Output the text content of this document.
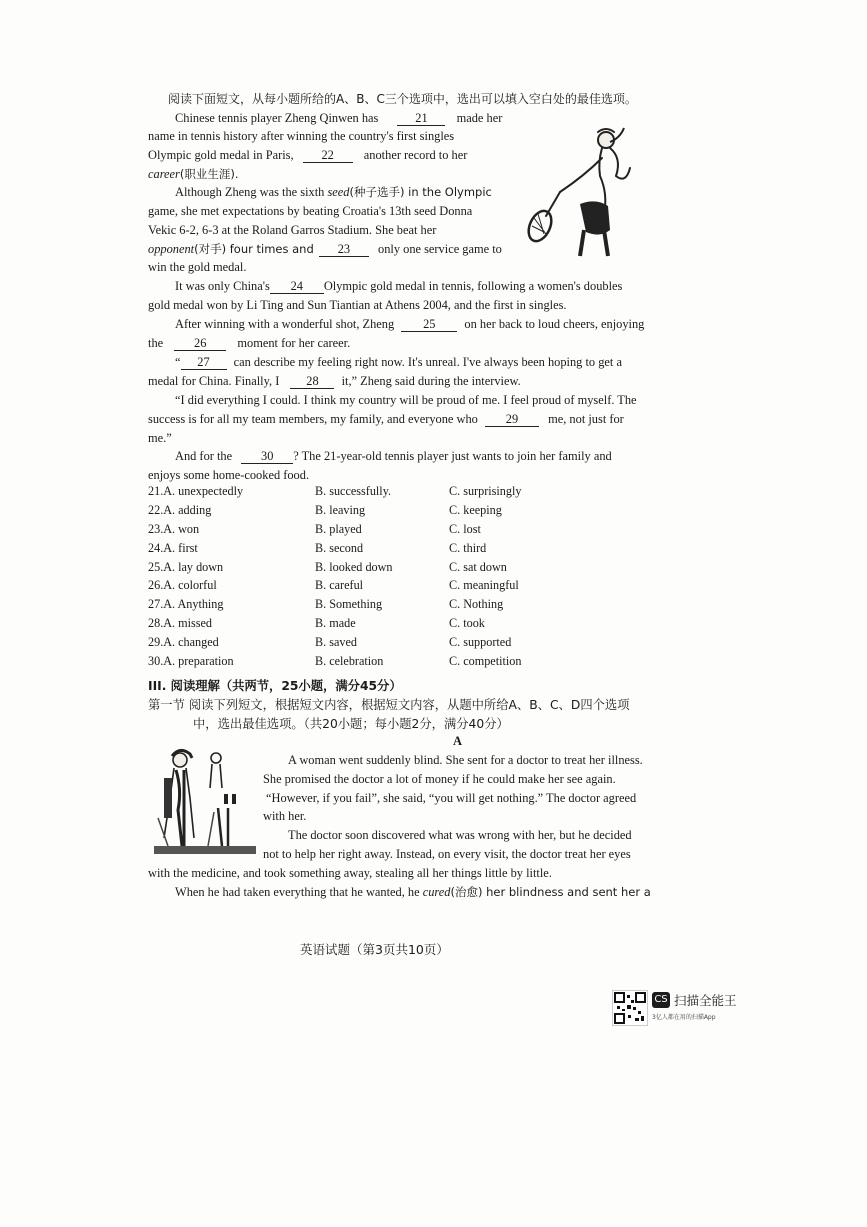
阅读下面短文，从每小题所给的A、B、C三个选项中，选出可以填入空白处的最佳选项。
Chinese tennis player Zheng Qinwen has	21 made her
name in tennis history after winning the country's first singles
Olympic gold medal in Paris, 22 another record to her
career(职业生涯).
Although Zheng was the sixth seed(种子选手) in the Olympic
game, she met expectations by beating Croatia's 13th seed Donna
Vekic 6-2, 6-3 at the Roland Garros Stadium. She beat her
opponent(对手) four times and 23 only one service game to
win the gold medal.
It was only China's 24 Olympic gold medal in tennis, following a women's doubles
gold medal won by Li Ting and Sun Tiantian at Athens 2004, and the first in singles.
After winning with a wonderful shot, Zheng 25 on her back to loud cheers, enjoying
the 26 moment for her career.
“ 27 can describe my feeling right now. It's unreal. I've always been hoping to get a
medal for China. Finally, I 28 it,” Zheng said during the interview.
“I did everything I could. I think my country will be proud of me. I feel proud of myself. The
success is for all my team members, my family, and everyone who 29 me, not just for
me.”
And for the 30 ? The 21-year-old tennis player just wants to join her family and
enjoys some home-cooked food.
21.A. unexpectedly	B. successfully.	C. surprisingly
22.A. adding	B. leaving	C. keeping
23.A. won	B. played	C. lost
24.A. first	B. second	C. third
25.A. lay down	B. looked down	C. sat down
26.A. colorful	B. careful	C. meaningful
27.A. Anything	B. Something	C. Nothing
28.A. missed	B. made	C. took
29.A. changed	B. saved	C. supported
30.A. preparation	B. celebration	C. competition
III. 阅读理解（共两节，25小题，满分45分）
第一节 阅读下列短文，根据短文内容，根据短文内容，从题中所给A、B、C、D四个选项
中，选出最佳选项。（共20小题；每小题2分，满分40分）
A
A woman went suddenly blind. She sent for a doctor to treat her illness.
She promised the doctor a lot of money if he could make her see again.
“However, if you fail”, she said, “you will get nothing.” The doctor agreed
with her.
The doctor soon discovered what was wrong with her, but he decided
not to help her right away. Instead, on every visit, the doctor treat her eyes
with the medicine, and took something away, stealing all her things little by little.
When he had taken everything that he wanted, he cured(治愈) her blindness and sent her a
英语试题（第3页共10页）
CS 扫描全能王
3亿人都在用的扫描App
